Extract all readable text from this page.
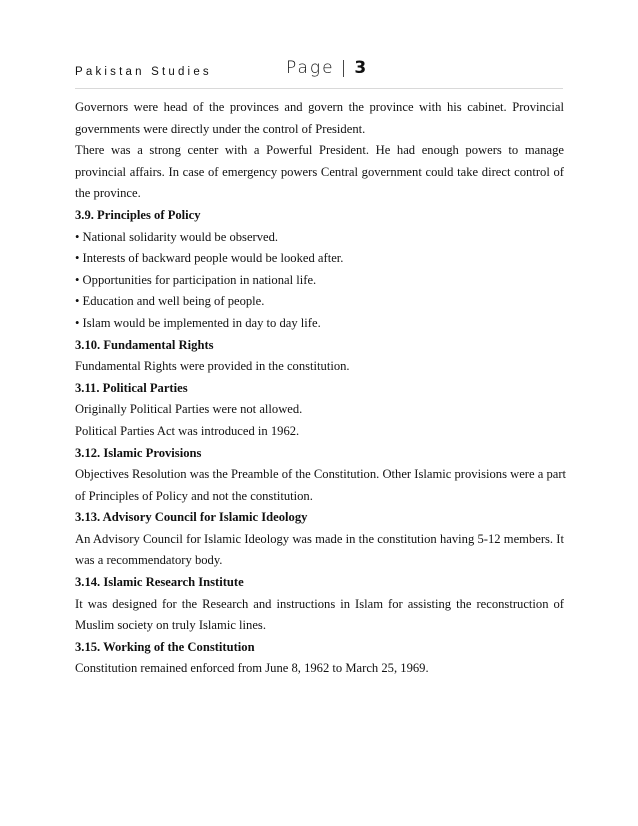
Pakistan Studies	Page | 3
Governors were head of the provinces and govern the province with his cabinet. Provincial
governments were directly under the control of President.
There was a strong center with a Powerful President. He had enough powers to manage
provincial affairs. In case of emergency powers Central government could take direct control of
the province.
3.9. Principles of Policy
• National solidarity would be observed.
• Interests of backward people would be looked after.
• Opportunities for participation in national life.
• Education and well being of people.
• Islam would be implemented in day to day life.
3.10. Fundamental Rights
Fundamental Rights were provided in the constitution.
3.11. Political Parties
Originally Political Parties were not allowed.
Political Parties Act was introduced in 1962.
3.12. Islamic Provisions
Objectives Resolution was the Preamble of the Constitution. Other Islamic provisions were a part
of Principles of Policy and not the constitution.
3.13. Advisory Council for Islamic Ideology
An Advisory Council for Islamic Ideology was made in the constitution having 5-12 members. It
was a recommendatory body.
3.14. Islamic Research Institute
It was designed for the Research and instructions in Islam for assisting the reconstruction of
Muslim society on truly Islamic lines.
3.15. Working of the Constitution
Constitution remained enforced from June 8, 1962 to March 25, 1969.
